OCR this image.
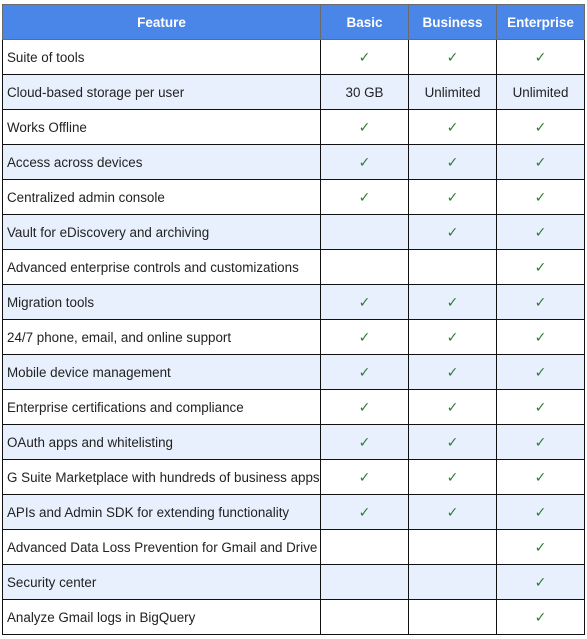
Feature	Basic	Business	Enterprise
Suite of tools	✓	✓	✓
Cloud-based storage per user	30 GB	Unlimited	Unlimited
Works Offline	✓	✓	✓
Access across devices	✓	✓	✓
Centralized admin console	✓	✓	✓
Vault for eDiscovery and archiving		✓	✓
Advanced enterprise controls and customizations			✓
Migration tools	✓	✓	✓
24/7 phone, email, and online support	✓	✓	✓
Mobile device management	✓	✓	✓
Enterprise certifications and compliance	✓	✓	✓
OAuth apps and whitelisting	✓	✓	✓
G Suite Marketplace with hundreds of business apps	✓	✓	✓
APIs and Admin SDK for extending functionality	✓	✓	✓
Advanced Data Loss Prevention for Gmail and Drive			✓
Security center			✓
Analyze Gmail logs in BigQuery			✓
